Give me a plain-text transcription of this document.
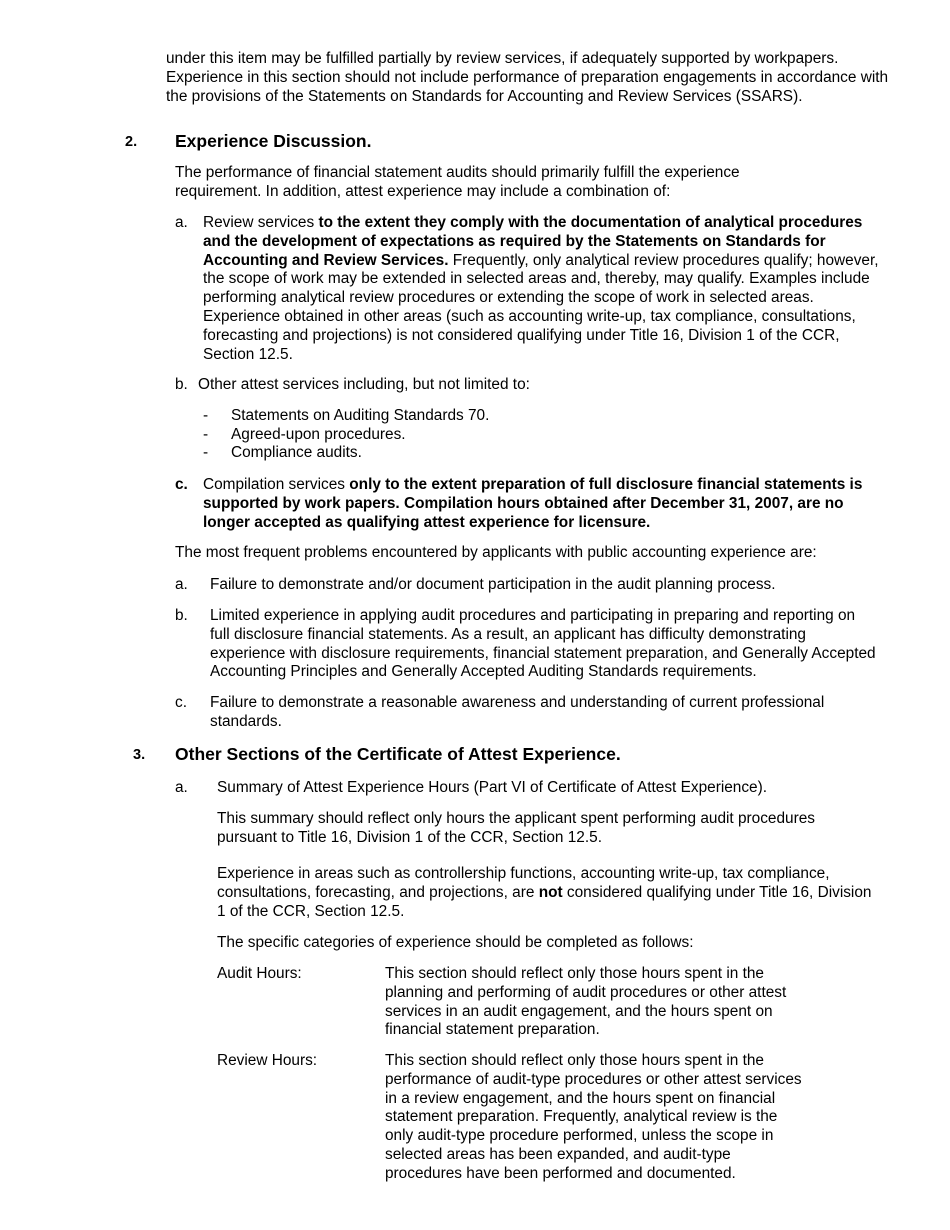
under this item may be fulfilled partially by review services, if adequately supported by workpapers. Experience in this section should not include performance of preparation engagements in accordance with the provisions of the Statements on Standards for Accounting and Review Services (SSARS).

2. Experience Discussion.

The performance of financial statement audits should primarily fulfill the experience requirement. In addition, attest experience may include a combination of:

a. Review services to the extent they comply with the documentation of analytical procedures and the development of expectations as required by the Statements on Standards for Accounting and Review Services. Frequently, only analytical review procedures qualify; however, the scope of work may be extended in selected areas and, thereby, may qualify. Examples include performing analytical review procedures or extending the scope of work in selected areas. Experience obtained in other areas (such as accounting write-up, tax compliance, consultations, forecasting and projections) is not considered qualifying under Title 16, Division 1 of the CCR, Section 12.5.

b. Other attest services including, but not limited to:

- Statements on Auditing Standards 70.
- Agreed-upon procedures.
- Compliance audits.
c. Compilation services only to the extent preparation of full disclosure financial statements is supported by work papers. Compilation hours obtained after December 31, 2007, are no longer accepted as qualifying attest experience for licensure.

The most frequent problems encountered by applicants with public accounting experience are:

a. Failure to demonstrate and/or document participation in the audit planning process.

b. Limited experience in applying audit procedures and participating in preparing and reporting on full disclosure financial statements. As a result, an applicant has difficulty demonstrating experience with disclosure requirements, financial statement preparation, and Generally Accepted Accounting Principles and Generally Accepted Auditing Standards requirements.

c. Failure to demonstrate a reasonable awareness and understanding of current professional standards.

3. Other Sections of the Certificate of Attest Experience.
a. Summary of Attest Experience Hours (Part VI of Certificate of Attest Experience).

This summary should reflect only hours the applicant spent performing audit procedures pursuant to Title 16, Division 1 of the CCR, Section 12.5.

Experience in areas such as controllership functions, accounting write-up, tax compliance, consultations, forecasting, and projections, are not considered qualifying under Title 16, Division 1 of the CCR, Section 12.5.

The specific categories of experience should be completed as follows:

Audit Hours:	This section should reflect only those hours spent in the planning and performing of audit procedures or other attest services in an audit engagement, and the hours spent on financial statement preparation.

Review Hours:	This section should reflect only those hours spent in the performance of audit-type procedures or other attest services in a review engagement, and the hours spent on financial statement preparation. Frequently, analytical review is the only audit-type procedure performed, unless the scope in selected areas has been expanded, and audit-type procedures have been performed and documented.
